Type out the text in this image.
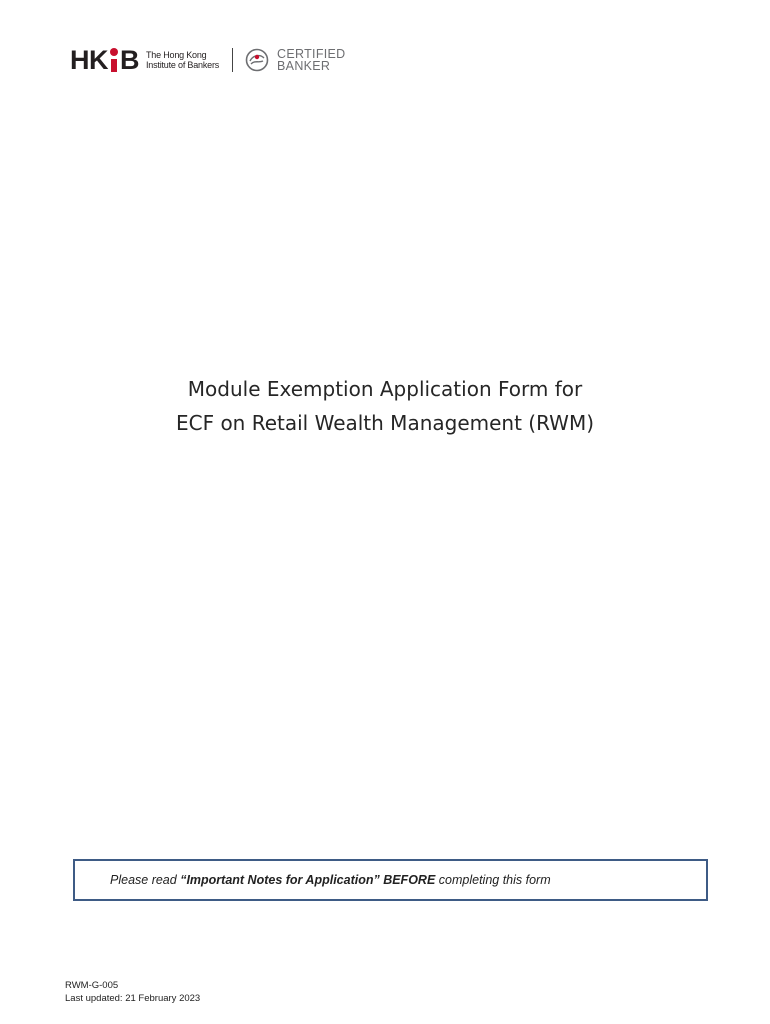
HK B The Hong Kong
Institute of Bankers
CERTIFIED
BANKER
Module Exemption Application Form for
ECF on Retail Wealth Management (RWM)
Please read “Important Notes for Application” BEFORE completing this form
RWM-G-005
Last updated: 21 February 2023
